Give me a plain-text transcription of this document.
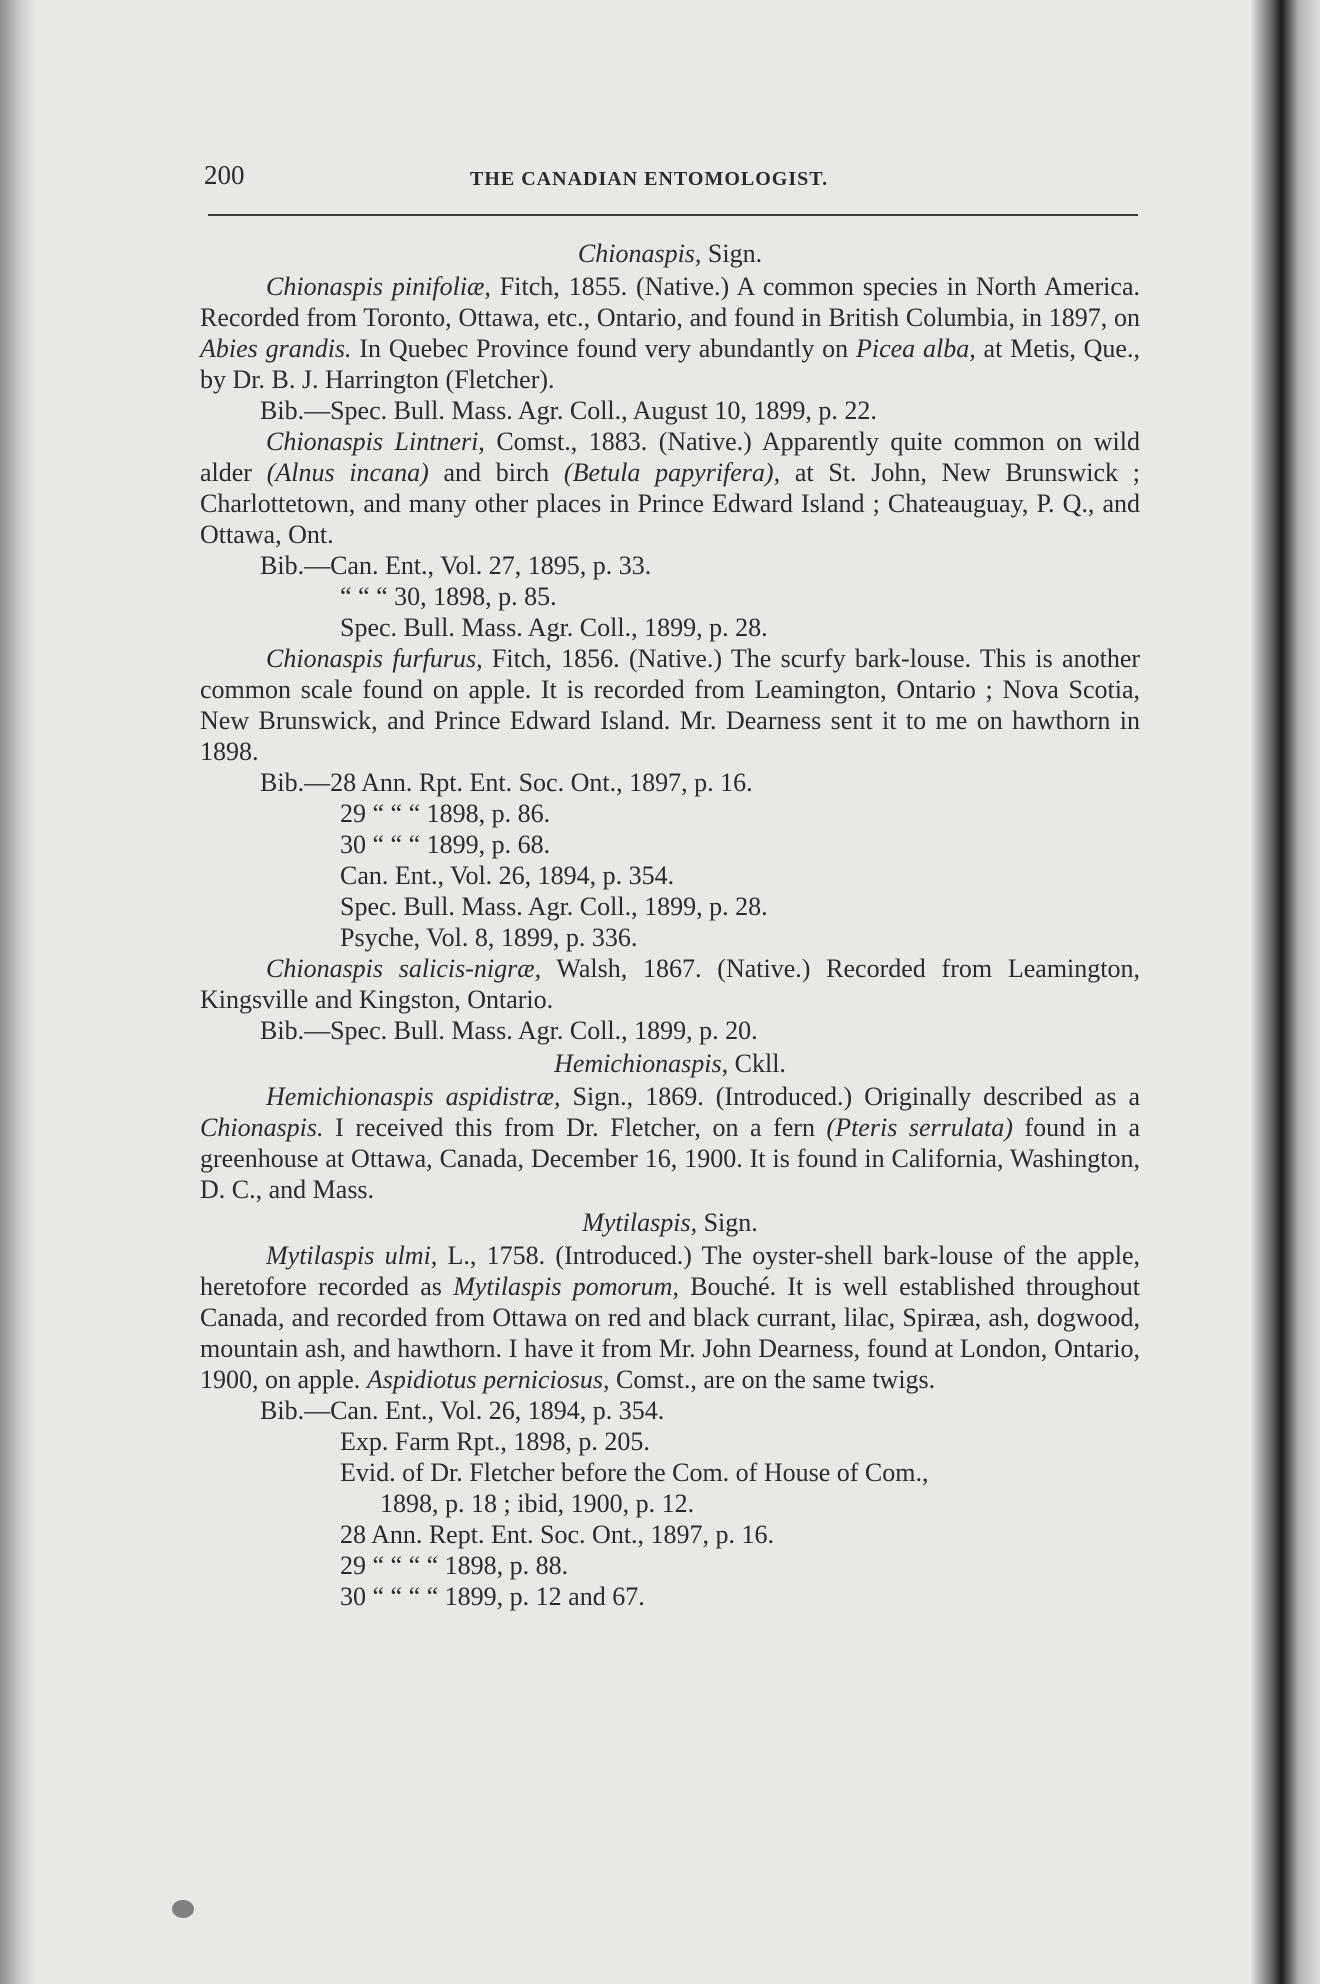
200	THE CANADIAN ENTOMOLOGIST.
Chionaspis, Sign.

Chionaspis pinifoliæ, Fitch, 1855. (Native.) A common species in North America. Recorded from Toronto, Ottawa, etc., Ontario, and found in British Columbia, in 1897, on Abies grandis. In Quebec Province found very abundantly on Picea alba, at Metis, Que., by Dr. B. J. Harrington (Fletcher).

Bib.—Spec. Bull. Mass. Agr. Coll., August 10, 1899, p. 22.

Chionaspis Lintneri, Comst., 1883. (Native.) Apparently quite common on wild alder (Alnus incana) and birch (Betula papyrifera), at St. John, New Brunswick ; Charlottetown, and many other places in Prince Edward Island ; Chateauguay, P. Q., and Ottawa, Ont.

Bib.—Can. Ent., Vol. 27, 1895, p. 33.
“ “ “ 30, 1898, p. 85.
Spec. Bull. Mass. Agr. Coll., 1899, p. 28.

Chionaspis furfurus, Fitch, 1856. (Native.) The scurfy bark-louse. This is another common scale found on apple. It is recorded from Leamington, Ontario ; Nova Scotia, New Brunswick, and Prince Edward Island. Mr. Dearness sent it to me on hawthorn in 1898.

Bib.—28 Ann. Rpt. Ent. Soc. Ont., 1897, p. 16.
29 “ “ “ 1898, p. 86.
30 “ “ “ 1899, p. 68.
Can. Ent., Vol. 26, 1894, p. 354.
Spec. Bull. Mass. Agr. Coll., 1899, p. 28.
Psyche, Vol. 8, 1899, p. 336.

Chionaspis salicis-nigræ, Walsh, 1867. (Native.) Recorded from Leamington, Kingsville and Kingston, Ontario.

Bib.—Spec. Bull. Mass. Agr. Coll., 1899, p. 20.
Hemichionaspis, Ckll.

Hemichionaspis aspidistræ, Sign., 1869. (Introduced.) Originally described as a Chionaspis. I received this from Dr. Fletcher, on a fern (Pteris serrulata) found in a greenhouse at Ottawa, Canada, December 16, 1900. It is found in California, Washington, D. C., and Mass.

Mytilaspis, Sign.

Mytilaspis ulmi, L., 1758. (Introduced.) The oyster-shell bark-louse of the apple, heretofore recorded as Mytilaspis pomorum, Bouché. It is well established throughout Canada, and recorded from Ottawa on red and black currant, lilac, Spiræa, ash, dogwood, mountain ash, and hawthorn. I have it from Mr. John Dearness, found at London, Ontario, 1900, on apple. Aspidiotus perniciosus, Comst., are on the same twigs.

Bib.—Can. Ent., Vol. 26, 1894, p. 354.
Exp. Farm Rpt., 1898, p. 205.
Evid. of Dr. Fletcher before the Com. of House of Com.,
1898, p. 18 ; ibid, 1900, p. 12.
28 Ann. Rept. Ent. Soc. Ont., 1897, p. 16.
29 “ “ “ “ 1898, p. 88.
30 “ “ “ “ 1899, p. 12 and 67.
